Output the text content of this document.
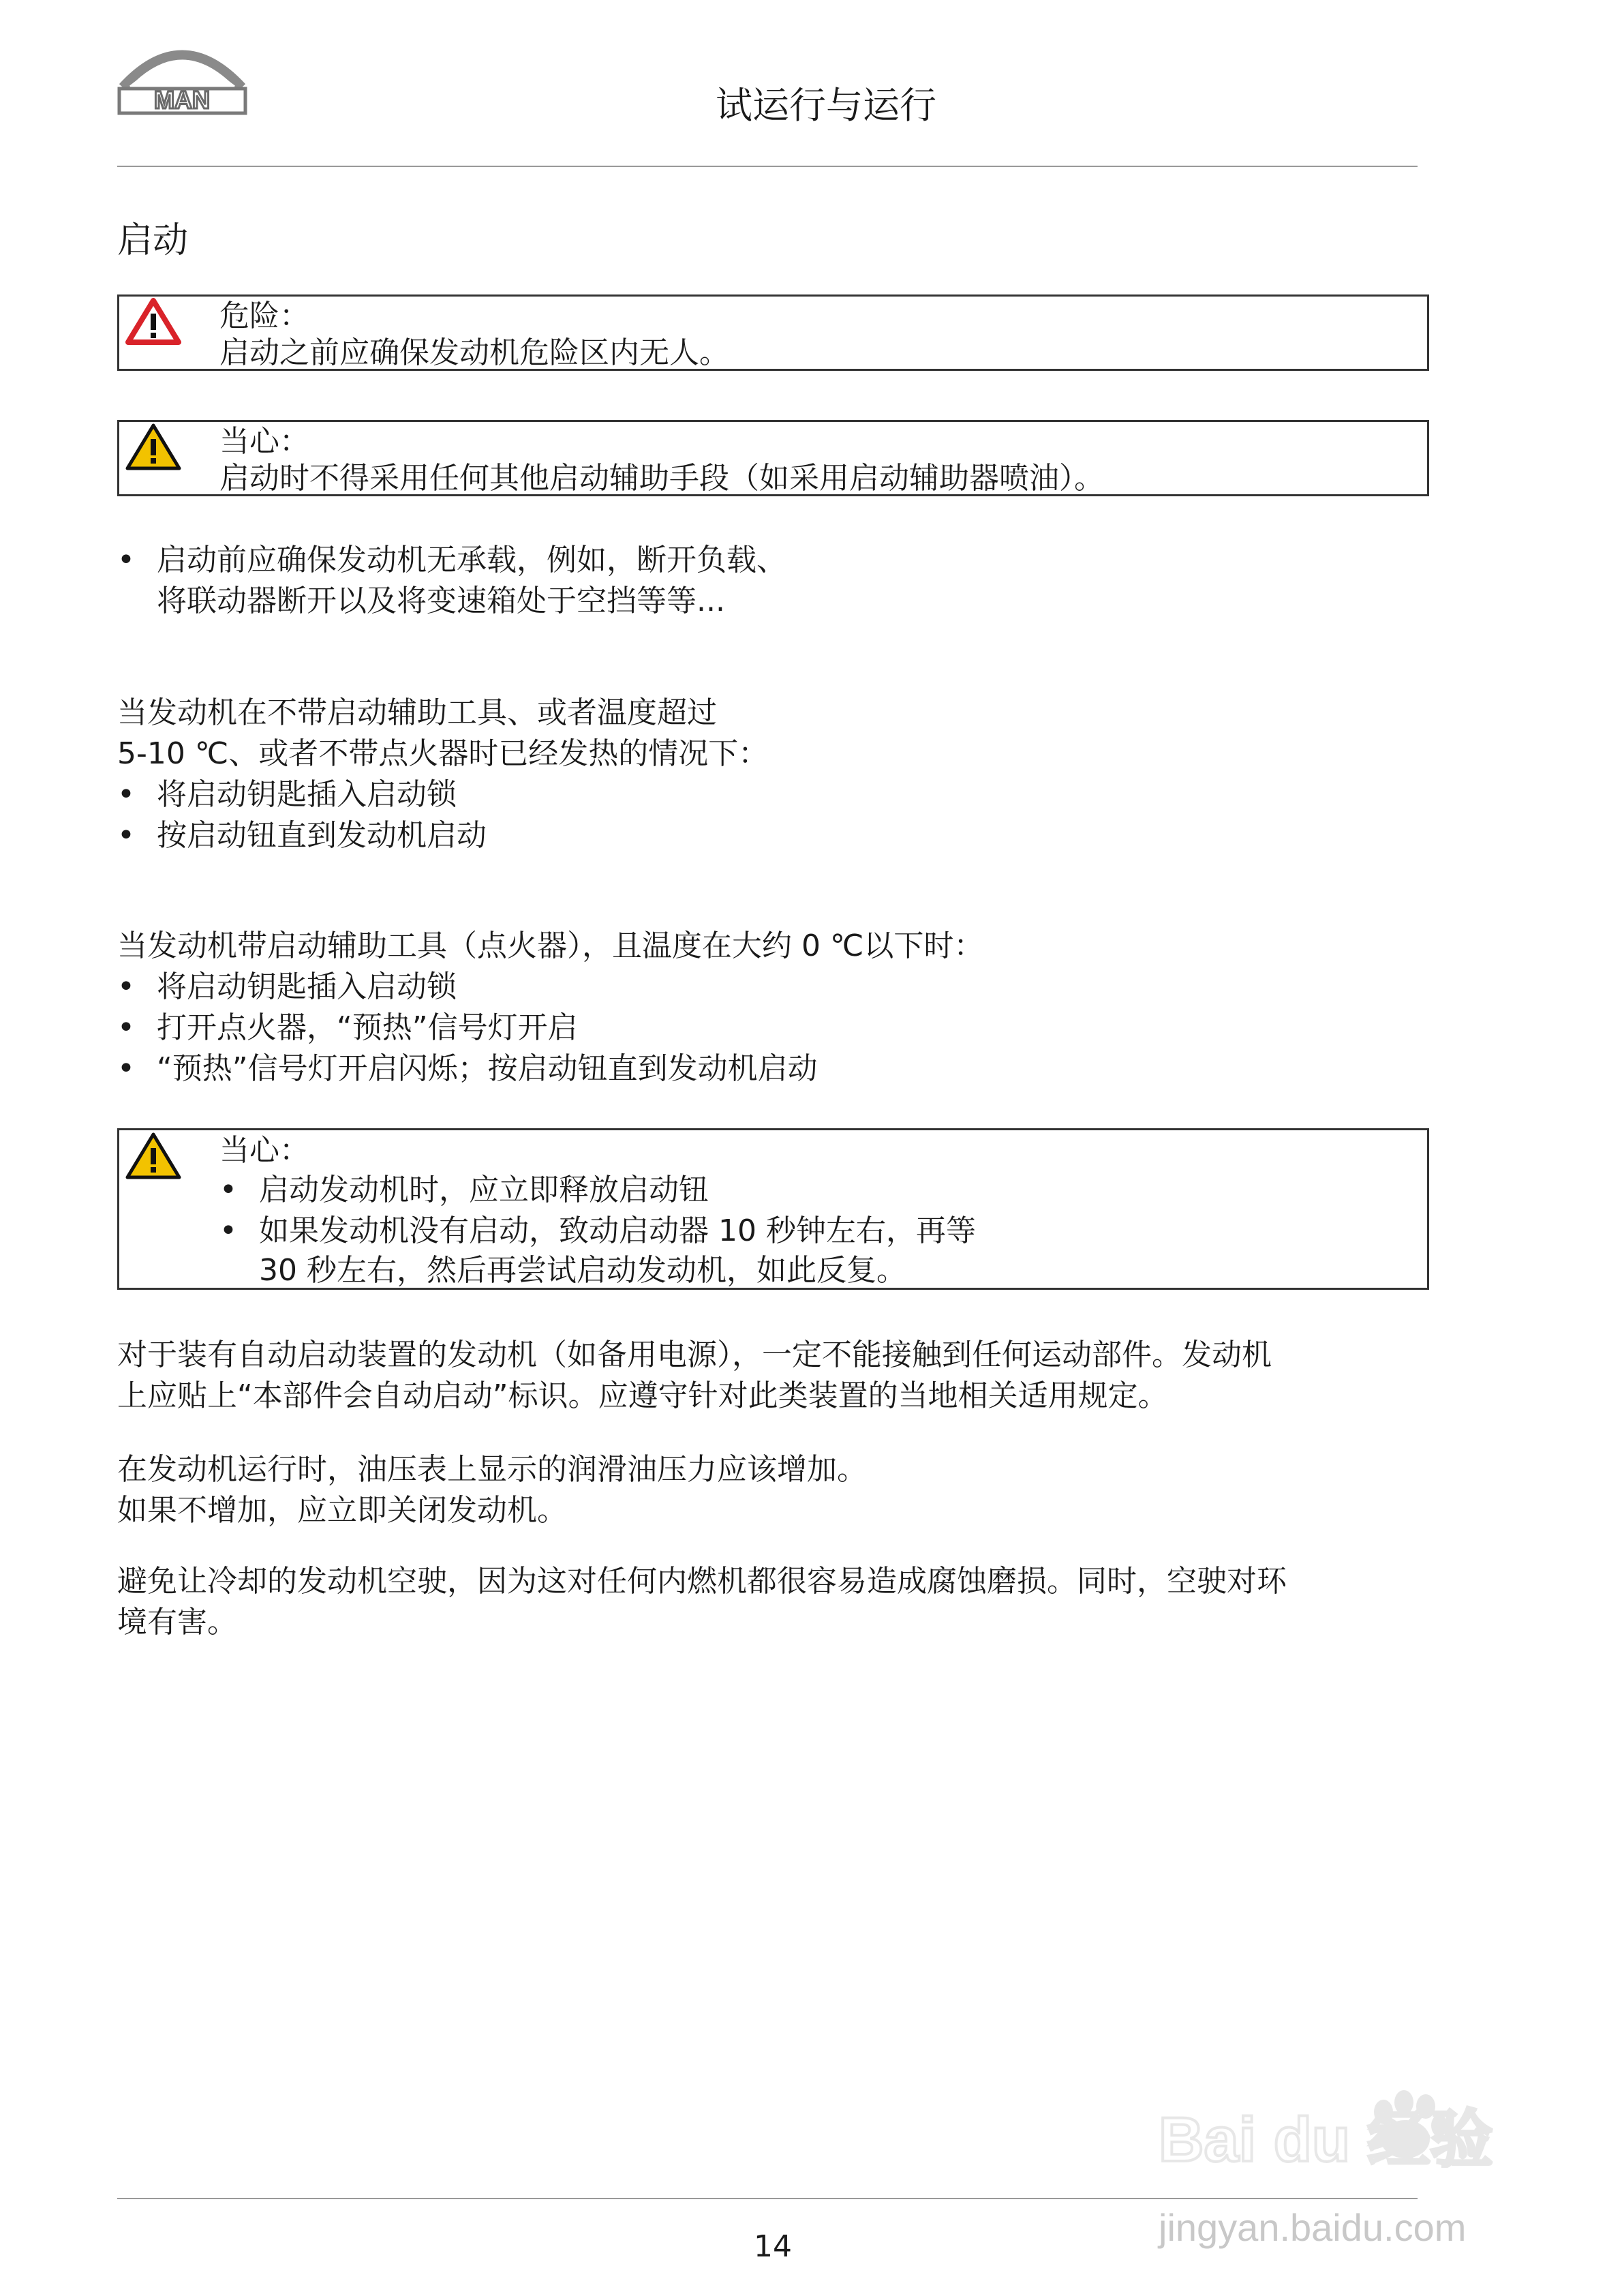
MAN	试运行与运行
启动
危险：
启动之前应确保发动机危险区内无人。
当心：
启动时不得采用任何其他启动辅助手段（如采用启动辅助器喷油）。
• 启动前应确保发动机无承载，例如，断开负载、
将联动器断开以及将变速箱处于空挡等等...
当发动机在不带启动辅助工具、或者温度超过
5-10 ℃、或者不带点火器时已经发热的情况下：
• 将启动钥匙插入启动锁
• 按启动钮直到发动机启动
当发动机带启动辅助工具（点火器），且温度在大约 0 ℃以下时：
• 将启动钥匙插入启动锁
• 打开点火器，“预热”信号灯开启
• “预热”信号灯开启闪烁；按启动钮直到发动机启动
当心：
• 启动发动机时，应立即释放启动钮
• 如果发动机没有启动，致动启动器 10 秒钟左右，再等
30 秒左右，然后再尝试启动发动机，如此反复。
对于装有自动启动装置的发动机（如备用电源），一定不能接触到任何运动部件。发动机
上应贴上“本部件会自动启动”标识。应遵守针对此类装置的当地相关适用规定。
在发动机运行时，油压表上显示的润滑油压力应该增加。
如果不增加，应立即关闭发动机。
避免让冷却的发动机空驶，因为这对任何内燃机都很容易造成腐蚀磨损。同时，空驶对环
境有害。
14
Bai du 经验
jingyan.baidu.com
